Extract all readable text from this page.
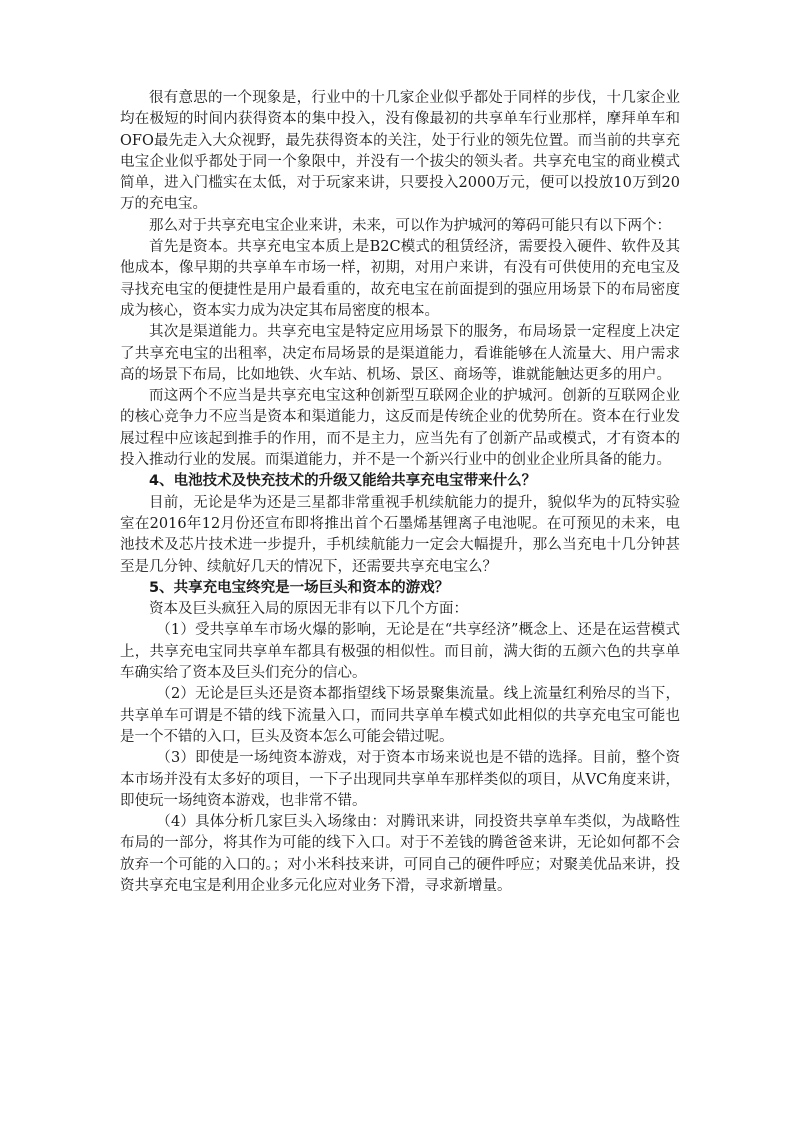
很有意思的一个现象是，行业中的十几家企业似乎都处于同样的步伐，十几家企业均在极短的时间内获得资本的集中投入，没有像最初的共享单车行业那样，摩拜单车和OFO最先走入大众视野，最先获得资本的关注，处于行业的领先位置。而当前的共享充电宝企业似乎都处于同一个象限中，并没有一个拔尖的领头者。共享充电宝的商业模式简单，进入门槛实在太低，对于玩家来讲，只要投入2000万元，便可以投放10万到20万的充电宝。

那么对于共享充电宝企业来讲，未来，可以作为护城河的筹码可能只有以下两个：

首先是资本。共享充电宝本质上是B2C模式的租赁经济，需要投入硬件、软件及其他成本，像早期的共享单车市场一样，初期，对用户来讲，有没有可供使用的充电宝及寻找充电宝的便捷性是用户最看重的，故充电宝在前面提到的强应用场景下的布局密度成为核心，资本实力成为决定其布局密度的根本。

其次是渠道能力。共享充电宝是特定应用场景下的服务，布局场景一定程度上决定了共享充电宝的出租率，决定布局场景的是渠道能力，看谁能够在人流量大、用户需求高的场景下布局，比如地铁、火车站、机场、景区、商场等，谁就能触达更多的用户。

而这两个不应当是共享充电宝这种创新型互联网企业的护城河。创新的互联网企业的核心竞争力不应当是资本和渠道能力，这反而是传统企业的优势所在。资本在行业发展过程中应该起到推手的作用，而不是主力，应当先有了创新产品或模式，才有资本的投入推动行业的发展。而渠道能力，并不是一个新兴行业中的创业企业所具备的能力。

4、电池技术及快充技术的升级又能给共享充电宝带来什么？

目前，无论是华为还是三星都非常重视手机续航能力的提升，貌似华为的瓦特实验室在2016年12月份还宣布即将推出首个石墨烯基锂离子电池呢。在可预见的未来，电池技术及芯片技术进一步提升，手机续航能力一定会大幅提升，那么当充电十几分钟甚至是几分钟、续航好几天的情况下，还需要共享充电宝么？

5、共享充电宝终究是一场巨头和资本的游戏？

资本及巨头疯狂入局的原因无非有以下几个方面：

（1）受共享单车市场火爆的影响，无论是在“共享经济”概念上、还是在运营模式上，共享充电宝同共享单车都具有极强的相似性。而目前，满大街的五颜六色的共享单车确实给了资本及巨头们充分的信心。

（2）无论是巨头还是资本都指望线下场景聚集流量。线上流量红利殆尽的当下，共享单车可谓是不错的线下流量入口，而同共享单车模式如此相似的共享充电宝可能也是一个不错的入口，巨头及资本怎么可能会错过呢。

（3）即使是一场纯资本游戏，对于资本市场来说也是不错的选择。目前，整个资本市场并没有太多好的项目，一下子出现同共享单车那样类似的项目，从VC角度来讲，即使玩一场纯资本游戏，也非常不错。

（4）具体分析几家巨头入场缘由：对腾讯来讲，同投资共享单车类似，为战略性布局的一部分，将其作为可能的线下入口。对于不差钱的腾爸爸来讲，无论如何都不会放弃一个可能的入口的。；对小米科技来讲，可同自己的硬件呼应；对聚美优品来讲，投资共享充电宝是利用企业多元化应对业务下滑，寻求新增量。
